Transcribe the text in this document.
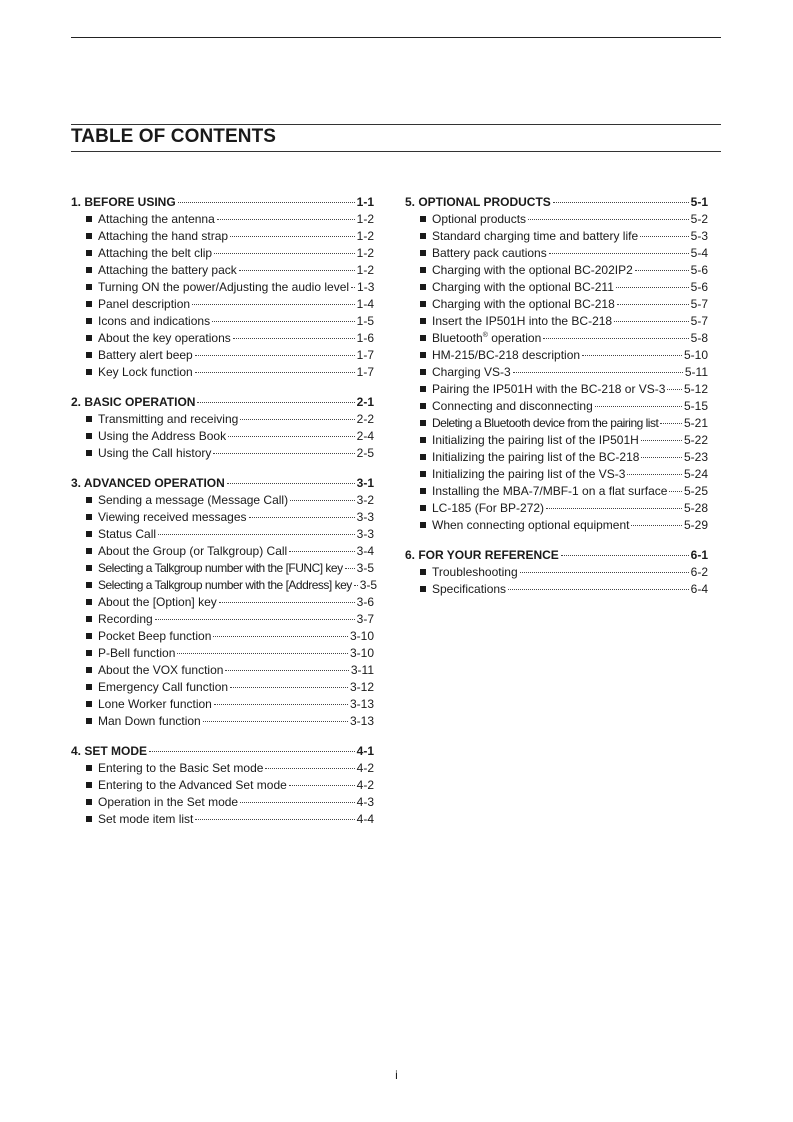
TABLE OF CONTENTS
1. BEFORE USING	1-1
Attaching the antenna	1-2
Attaching the hand strap	1-2
Attaching the belt clip	1-2
Attaching the battery pack	1-2
Turning ON the power/Adjusting the audio level 1-3
Panel description	1-4
Icons and indications	1-5
About the key operations	1-6
Battery alert beep	1-7
Key Lock function	1-7
2. BASIC OPERATION	2-1
Transmitting and receiving	2-2
Using the Address Book	2-4
Using the Call history	2-5
3. ADVANCED OPERATION	3-1
Sending a message (Message Call)	3-2
Viewing received messages	3-3
Status Call	3-3
About the Group (or Talkgroup) Call	3-4
Selecting a Talkgroup number with the [FUNC] key 3-5
Selecting a Talkgroup number with the [Address] key 3-5
About the [Option] key	3-6
Recording	3-7
Pocket Beep function	3-10
P-Bell function	3-10
About the VOX function	3-11
Emergency Call function	3-12
Lone Worker function	3-13
Man Down function	3-13
4. SET MODE	4-1
Entering to the Basic Set mode	4-2
Entering to the Advanced Set mode	4-2
Operation in the Set mode	4-3
Set mode item list	4-4
5. OPTIONAL PRODUCTS	5-1
Optional products	5-2
Standard charging time and battery life	5-3
Battery pack cautions	5-4
Charging with the optional BC-202IP2	5-6
Charging with the optional BC-211	5-6
Charging with the optional BC-218	5-7
Insert the IP501H into the BC-218	5-7
Bluetooth® operation	5-8
HM-215/BC-218 description	5-10
Charging VS-3	5-11
Pairing the IP501H with the BC-218 or VS-3 5-12
Connecting and disconnecting	5-15
Deleting a Bluetooth device from the pairing list 5-21
Initializing the pairing list of the IP501H	5-22
Initializing the pairing list of the BC-218	5-23
Initializing the pairing list of the VS-3	5-24
Installing the MBA-7/MBF-1 on a flat surface 5-25
LC-185 (For BP-272)	5-28
When connecting optional equipment	5-29
6. FOR YOUR REFERENCE	6-1
Troubleshooting	6-2
Specifications	6-4
i
